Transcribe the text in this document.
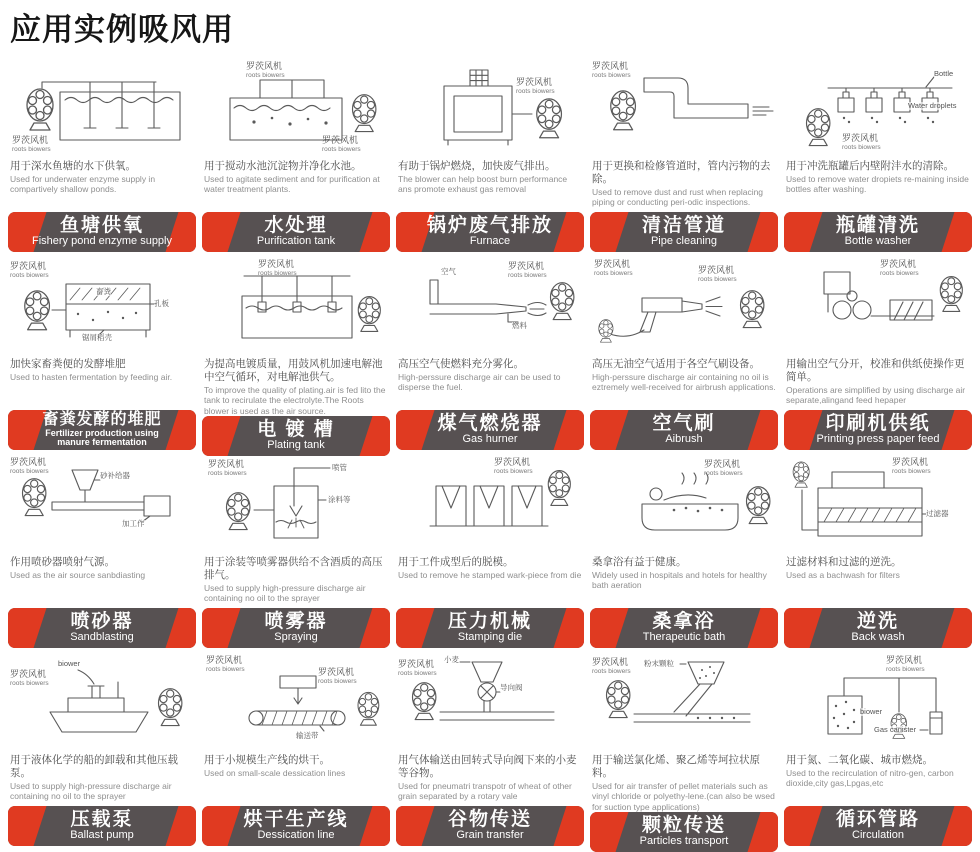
应用实例吸风用
罗茨风机
roots biowers
用于深水鱼塘的水下供氧。
Used for underwater enzyme supply in compartively shallow ponds.
鱼塘供氧
Fishery pond enzyme supply
罗茨风机
roots biowers
罗茨风机
roots biowers
用于搅动水池沉淀物并净化水池。
Used to agitate sediment and for purification at water treatment plants.
水处理
Purification tank
罗茨风机
roots biowers
有助于锅炉燃烧，加快废气排出。
The blower can help boost burn performance ans promote exhaust gas removal
锅炉废气排放
Furnace
罗茨风机
roots biowers
用于更换和检修管道时，管内污物的去除。
Used to remove dust and rust when replacing piping or conducting peri-odic inspections.
清洁管道
Pipe cleaning
罗茨风机
roots biowers
Bottle
Water droplets
用于冲洗瓶罐后内壁附沣水的清除。
Used to remove water dropiets re-maining inside bottles after washing.
瓶罐清洗
Bottle washer
罗茨风机
roots biowers
畜粪
孔板
锯屑稻壳
加快家畜粪便的发酵堆肥
Used to hasten fermentation by feeding air.
畜粪发酵的堆肥
Fertilizer production using manure fermentation
罗茨风机
roots biowers
为提高电镀质量，用鼓风机加速电解池中空气循环，对电解池供气。
To improve the quality of plating.air is fed lito the tank to recirulate the electrolyte.The Roots blower is used as the air source.
电 镀 槽
Plating tank
罗茨风机
roots biowers
空气
燃料
高压空气使燃料充分雾化。
High-perssure discharge air can be used to disperse the fuel.
煤气燃烧器
Gas hurner
罗茨风机
roots biowers	罗茨风机
roots biowers
高压无油空气适用于各空气刷设备。
High-perssure discharge air containing no oil is eztremely well-received for airbrush applications.
空气刷
Aibrush
罗茨风机
roots biowers
用输出空气分开，校准和供纸使操作更简单。
Operations are simplified by using discharge air separate,alingand feed hepaper
印刷机供纸
Printing press paper feed
罗茨风机
roots biowers	砂补给器
加工作
作用喷砂器喷射气源。
Used as the air source sanbdiasting
喷砂器
Sandblasting
罗茨风机
roots biowers
喷管
涂料等
用于涂装等喷雾器供给不含酒质的高压排气。
Used to supply high-pressure discharge air containing no oil to the sprayer
喷雾器
Spraying
罗茨风机
roots biowers
用于工件成型后的脱模。
Used to remove he stamped wark-piece from die
压力机械
Stamping die
罗茨风机
roots biowers
桑拿浴有益于健康。
Widely used in hospitals and hotels for healthy bath aeration
桑拿浴
Therapeutic bath
罗茨风机
roots biowers
过滤器
过滤材料和过滤的逆洗。
Used as a bachwash for filters
逆洗
Back wash
罗茨风机
roots biowers
biower
用于液体化学的船的卸载和其他压载泵。
Used to supply high-pressure discharge air containing no oil to the sprayer
压载泵
Ballast pump
罗茨风机
roots biowers	罗茨风机
roots biowers
输送带
用于小规模生产线的烘干。
Used on small-scale dessication lines
烘干生产线
Dessication line
罗茨风机
roots biowers
小麦
导向阀
用气体输送由回转式导向阀下来的小麦等谷物。
Used for pneumatri transpotr of wheat of other grain separated by a rotary vale
谷物传送
Grain transfer
罗茨风机
roots biowers
粉末颗粒
用于输送氯化烯、聚乙烯等坷拉状原料。
Used for air transfer of pellet materials such as vinyl chloride or polyethy-lene.(can also be wsed for suction type applications)
颗粒传送
Particles transport
罗茨风机
roots biowers
biower
Gas canister
用于氮、二氧化碳、城市燃烧。
Used to the recirculation of nitro-gen, carbon dioxide,city gas,Lpgas,etc
循环管路
Circulation
